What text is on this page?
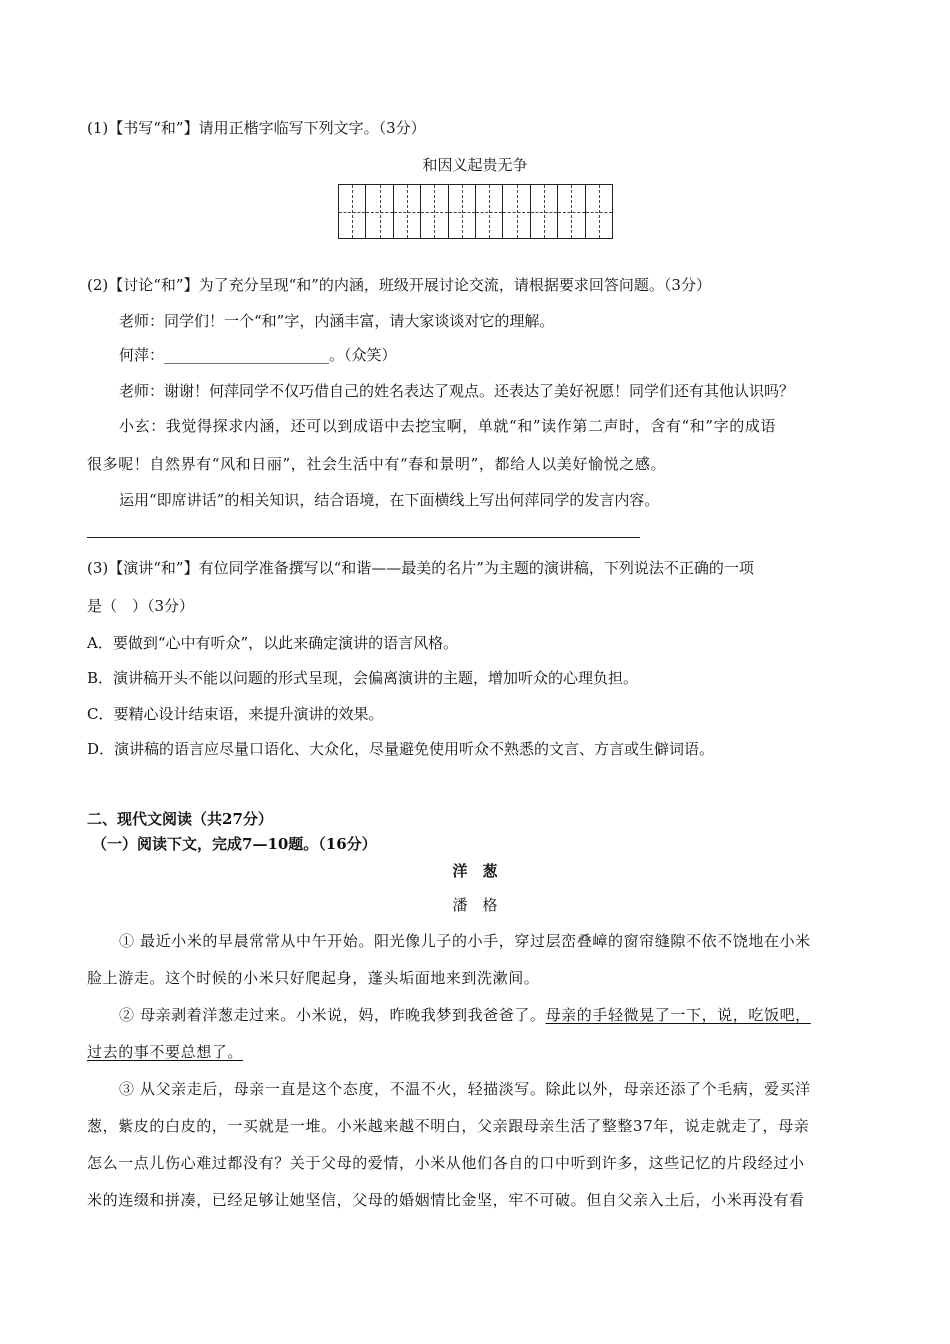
(1)【书写“和”】请用正楷字临写下列文字。（3分）
和因义起贵无争
(2)【讨论“和”】为了充分呈现“和”的内涵，班级开展讨论交流，请根据要求回答问题。（3分）
老师：同学们！一个“和”字，内涵丰富，请大家谈谈对它的理解。
何萍：______________________。（众笑）
老师：谢谢！何萍同学不仅巧借自己的姓名表达了观点。还表达了美好祝愿！同学们还有其他认识吗？
小玄：我觉得探求内涵，还可以到成语中去挖宝啊，单就“和”读作第二声时，含有“和”字的成语
很多呢！自然界有“风和日丽”，社会生活中有“春和景明”，都给人以美好愉悦之感。
运用“即席讲话”的相关知识，结合语境，在下面横线上写出何萍同学的发言内容。
(3)【演讲“和”】有位同学准备撰写以“和谐——最美的名片”为主题的演讲稿，下列说法不正确的一项
是（　）（3分）
A．要做到“心中有听众”，以此来确定演讲的语言风格。
B．演讲稿开头不能以问题的形式呈现，会偏离演讲的主题，增加听众的心理负担。
C．要精心设计结束语，来提升演讲的效果。
D．演讲稿的语言应尽量口语化、大众化，尽量避免使用听众不熟悉的文言、方言或生僻词语。
二、现代文阅读（共27分）
（一）阅读下文，完成7—10题。（16分）
洋　葱
潘　格
① 最近小米的早晨常常从中午开始。阳光像儿子的小手，穿过层峦叠嶂的窗帘缝隙不依不饶地在小米
脸上游走。这个时候的小米只好爬起身，蓬头垢面地来到洗漱间。
② 母亲剥着洋葱走过来。小米说，妈，昨晚我梦到我爸爸了。母亲的手轻微晃了一下，说，吃饭吧，
过去的事不要总想了。
③ 从父亲走后，母亲一直是这个态度，不温不火，轻描淡写。除此以外，母亲还添了个毛病，爱买洋
葱，紫皮的白皮的，一买就是一堆。小米越来越不明白，父亲跟母亲生活了整整37年，说走就走了，母亲
怎么一点儿伤心难过都没有？关于父母的爱情，小米从他们各自的口中听到许多，这些记忆的片段经过小
米的连缀和拼凑，已经足够让她坚信，父母的婚姻情比金坚，牢不可破。但自父亲入土后，小米再没有看
